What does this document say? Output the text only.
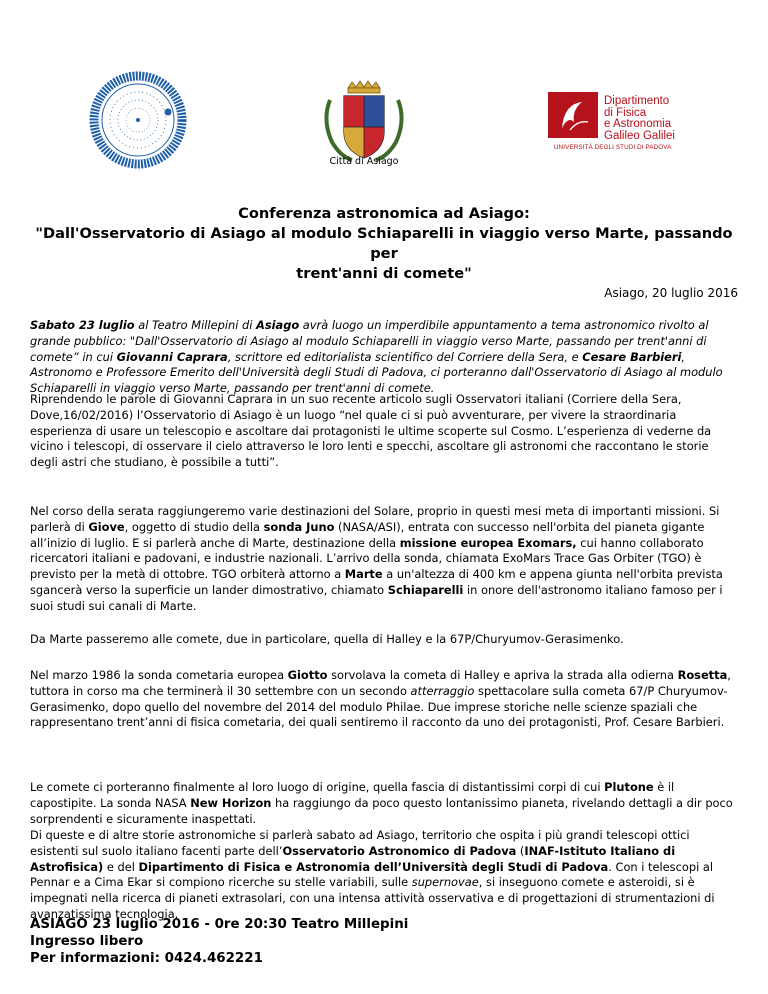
Città di Asiago
Dipartimento
di Fisica
e Astronomia
Galileo Galilei
UNIVERSITÀ DEGLI STUDI DI PADOVA
Conferenza astronomica ad Asiago:
"Dall'Osservatorio di Asiago al modulo Schiaparelli in viaggio verso Marte, passando per
trent'anni di comete"
Asiago, 20 luglio 2016
Sabato 23 luglio al Teatro Millepini di Asiago avrà luogo un imperdibile appuntamento a tema astronomico rivolto al grande pubblico: "Dall'Osservatorio di Asiago al modulo Schiaparelli in viaggio verso Marte, passando per trent'anni di comete” in cui Giovanni Caprara, scrittore ed editorialista scientifico del Corriere della Sera, e Cesare Barbieri, Astronomo e Professore Emerito dell'Università degli Studi di Padova, ci porteranno dall'Osservatorio di Asiago al modulo Schiaparelli in viaggio verso Marte, passando per trent'anni di comete.
Riprendendo le parole di Giovanni Caprara in un suo recente articolo sugli Osservatori italiani (Corriere della Sera, Dove,16/02/2016) l’Osservatorio di Asiago è un luogo “nel quale ci si può avventurare, per vivere la straordinaria esperienza di usare un telescopio e ascoltare dai protagonisti le ultime scoperte sul Cosmo. L’esperienza di vederne da vicino i telescopi, di osservare il cielo attraverso le loro lenti e specchi, ascoltare gli astronomi che raccontano le storie degli astri che studiano, è possibile a tutti”.
Nel corso della serata raggiungeremo varie destinazioni del Solare, proprio in questi mesi meta di importanti missioni. Si parlerà di Giove, oggetto di studio della sonda Juno (NASA/ASI), entrata con successo nell'orbita del pianeta gigante all’inizio di luglio. E si parlerà anche di Marte, destinazione della missione europea Exomars, cui hanno collaborato ricercatori italiani e padovani, e industrie nazionali. L’arrivo della sonda, chiamata ExoMars Trace Gas Orbiter (TGO) è previsto per la metà di ottobre. TGO orbiterà attorno a Marte a un'altezza di 400 km e appena giunta nell'orbita prevista sgancerà verso la superficie un lander dimostrativo, chiamato Schiaparelli in onore dell'astronomo italiano famoso per i suoi studi sui canali di Marte.
Da Marte passeremo alle comete, due in particolare, quella di Halley e la 67P/Churyumov-Gerasimenko.
Nel marzo 1986 la sonda cometaria europea Giotto sorvolava la cometa di Halley e apriva la strada alla odierna Rosetta, tuttora in corso ma che terminerà il 30 settembre con un secondo atterraggio spettacolare sulla cometa 67/P Churyumov-Gerasimenko, dopo quello del novembre del 2014 del modulo Philae. Due imprese storiche nelle scienze spaziali che rappresentano trent’anni di fisica cometaria, dei quali sentiremo il racconto da uno dei protagonisti, Prof. Cesare Barbieri.
Le comete ci porteranno finalmente al loro luogo di origine, quella fascia di distantissimi corpi di cui Plutone è il capostipite. La sonda NASA New Horizon ha raggiungo da poco questo lontanissimo pianeta, rivelando dettagli a dir poco sorprendenti e sicuramente inaspettati.
Di queste e di altre storie astronomiche si parlerà sabato ad Asiago, territorio che ospita i più grandi telescopi ottici esistenti sul suolo italiano facenti parte dell’Osservatorio Astronomico di Padova (INAF-Istituto Italiano di Astrofisica) e del Dipartimento di Fisica e Astronomia dell’Università degli Studi di Padova. Con i telescopi al Pennar e a Cima Ekar si compiono ricerche su stelle variabili, sulle supernovae, si inseguono comete e asteroidi, si è impegnati nella ricerca di pianeti extrasolari, con una intensa attività osservativa e di progettazioni di strumentazioni di avanzatissima tecnologia.
ASIAGO 23 luglio 2016 - 0re 20:30 Teatro Millepini
Ingresso libero
Per informazioni: 0424.462221
